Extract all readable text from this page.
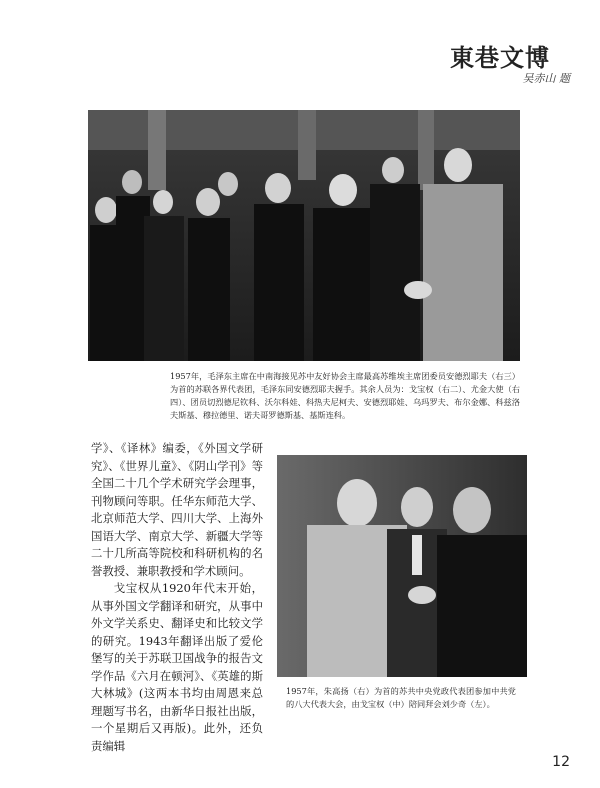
東巷文博
吴赤山 题
1957年，毛泽东主席在中南海接见苏中友好协会主席最高苏维埃主席团委员安德烈耶夫（右三）为首的苏联各界代表团，毛泽东同安德烈耶夫握手。其余人员为：戈宝权（右二）、尤金大使（右四）、团员切烈德尼钦科、沃尔科娃、科热夫尼柯夫、安德烈耶娃、乌玛罗夫、布尔金娜、科兹洛夫斯基、穆拉德里、诺夫哥罗德斯基、基斯连科。

学》、《译林》编委，《外国文学研究》、《世界儿童》、《阴山学刊》等全国二十几个学术研究学会理事，刊物顾问等职。任华东师范大学、北京师范大学、四川大学、上海外国语大学、南京大学、新疆大学等二十几所高等院校和科研机构的名誉教授、兼职教授和学术顾问。

戈宝权从1920年代末开始，从事外国文学翻译和研究，从事中外文学关系史、翻译史和比较文学的研究。1943年翻译出版了爱伦堡写的关于苏联卫国战争的报告文学作品《六月在顿河》、《英雄的斯大林城》(这两本书均由周恩来总理题写书名，由新华日报社出版，一个星期后又再版)。此外，还负责编辑

1957年，朱高扬（右）为首的苏共中央党政代表团参加中共党的八大代表大会，由戈宝权（中）陪同拜会刘少奇（左）。
12
